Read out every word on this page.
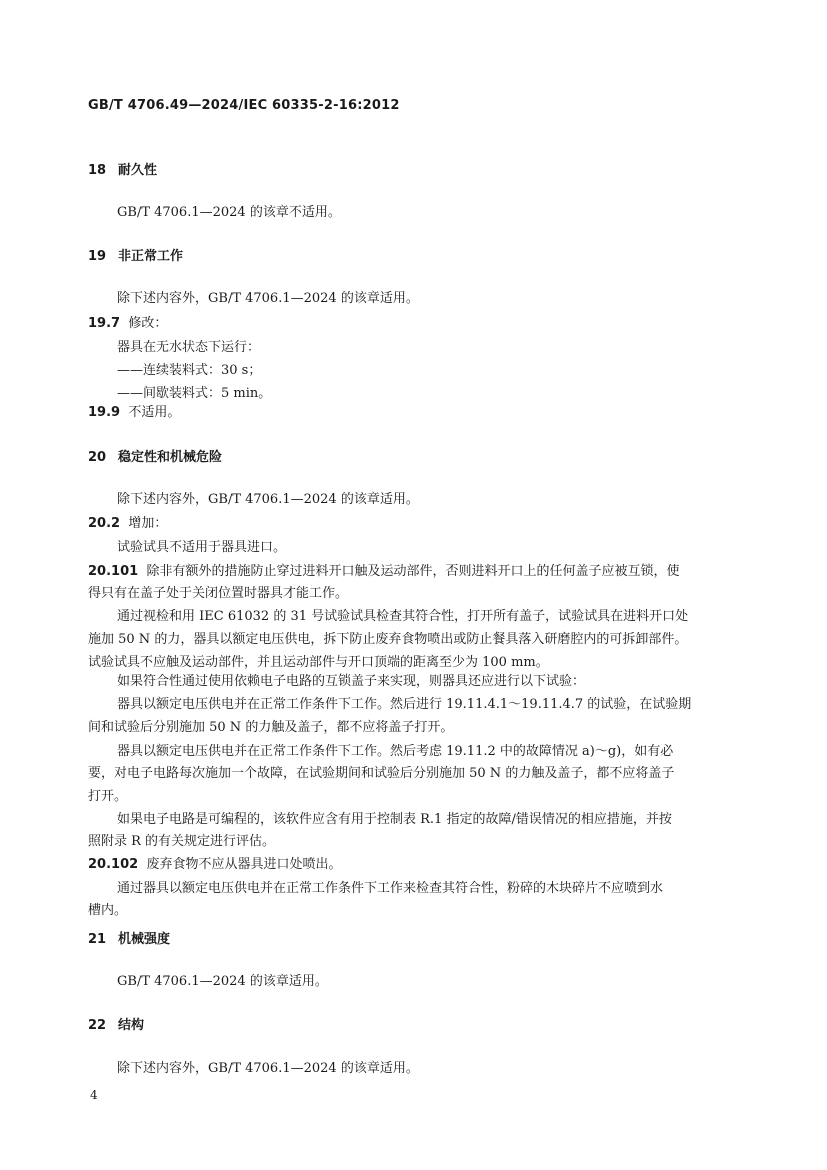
GB/T 4706.49—2024/IEC 60335-2-16:2012
18 耐久性
GB/T 4706.1—2024 的该章不适用。
19 非正常工作
除下述内容外，GB/T 4706.1—2024 的该章适用。
19.7 修改：
器具在无水状态下运行：
——连续装料式：30 s；
——间歇装料式：5 min。
19.9 不适用。
20 稳定性和机械危险
除下述内容外，GB/T 4706.1—2024 的该章适用。
20.2 增加：
试验试具不适用于器具进口。
20.101 除非有额外的措施防止穿过进料开口触及运动部件，否则进料开口上的任何盖子应被互锁，使
得只有在盖子处于关闭位置时器具才能工作。
通过视检和用 IEC 61032 的 31 号试验试具检查其符合性，打开所有盖子，试验试具在进料开口处
施加 50 N 的力，器具以额定电压供电，拆下防止废弃食物喷出或防止餐具落入研磨腔内的可拆卸部件。
试验试具不应触及运动部件，并且运动部件与开口顶端的距离至少为 100 mm。
如果符合性通过使用依赖电子电路的互锁盖子来实现，则器具还应进行以下试验：
器具以额定电压供电并在正常工作条件下工作。然后进行 19.11.4.1～19.11.4.7 的试验，在试验期
间和试验后分别施加 50 N 的力触及盖子，都不应将盖子打开。
器具以额定电压供电并在正常工作条件下工作。然后考虑 19.11.2 中的故障情况 a)～g)，如有必
要，对电子电路每次施加一个故障，在试验期间和试验后分别施加 50 N 的力触及盖子，都不应将盖子
打开。
如果电子电路是可编程的，该软件应含有用于控制表 R.1 指定的故障/错误情况的相应措施，并按
照附录 R 的有关规定进行评估。
20.102 废弃食物不应从器具进口处喷出。
通过器具以额定电压供电并在正常工作条件下工作来检查其符合性，粉碎的木块碎片不应喷到水
槽内。
21 机械强度
GB/T 4706.1—2024 的该章适用。
22 结构
除下述内容外，GB/T 4706.1—2024 的该章适用。
4
